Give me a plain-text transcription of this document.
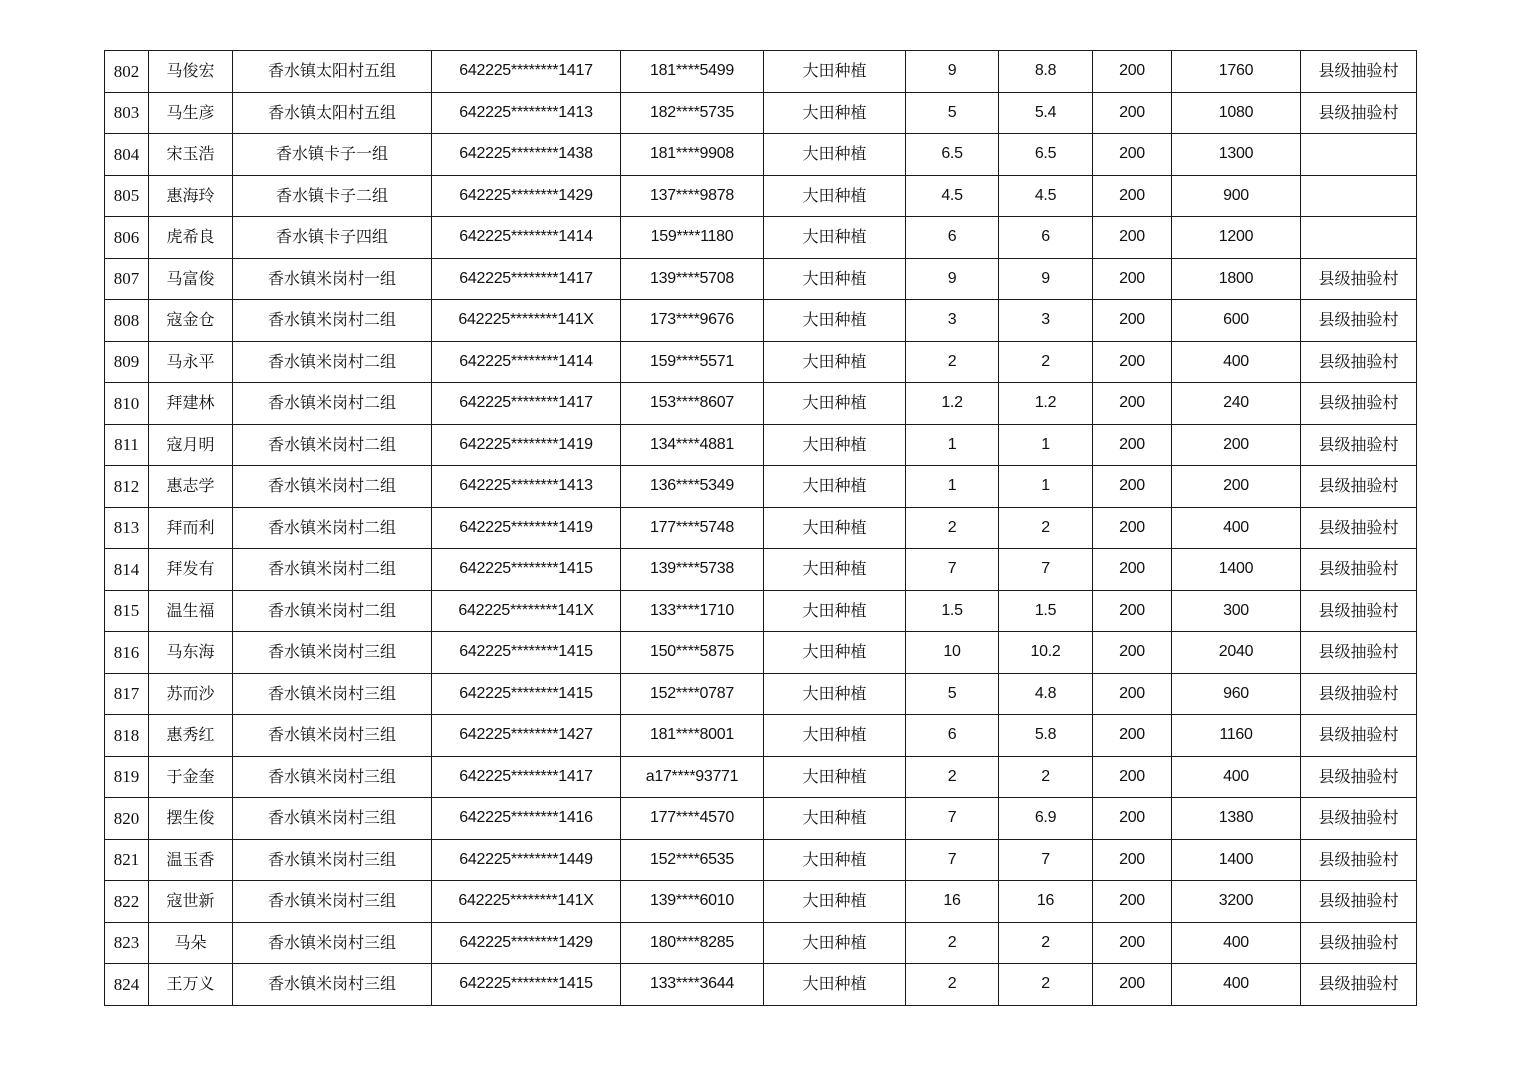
802	马俊宏	香水镇太阳村五组	642225********1417	181****5499	大田种植	9	8.8	200	1760	县级抽验村
803	马生彦	香水镇太阳村五组	642225********1413	182****5735	大田种植	5	5.4	200	1080	县级抽验村
804	宋玉浩	香水镇卡子一组	642225********1438	181****9908	大田种植	6.5	6.5	200	1300	
805	惠海玲	香水镇卡子二组	642225********1429	137****9878	大田种植	4.5	4.5	200	900	
806	虎希良	香水镇卡子四组	642225********1414	159****1180	大田种植	6	6	200	1200	
807	马富俊	香水镇米岗村一组	642225********1417	139****5708	大田种植	9	9	200	1800	县级抽验村
808	寇金仓	香水镇米岗村二组	642225********141X	173****9676	大田种植	3	3	200	600	县级抽验村
809	马永平	香水镇米岗村二组	642225********1414	159****5571	大田种植	2	2	200	400	县级抽验村
810	拜建林	香水镇米岗村二组	642225********1417	153****8607	大田种植	1.2	1.2	200	240	县级抽验村
811	寇月明	香水镇米岗村二组	642225********1419	134****4881	大田种植	1	1	200	200	县级抽验村
812	惠志学	香水镇米岗村二组	642225********1413	136****5349	大田种植	1	1	200	200	县级抽验村
813	拜而利	香水镇米岗村二组	642225********1419	177****5748	大田种植	2	2	200	400	县级抽验村
814	拜发有	香水镇米岗村二组	642225********1415	139****5738	大田种植	7	7	200	1400	县级抽验村
815	温生福	香水镇米岗村二组	642225********141X	133****1710	大田种植	1.5	1.5	200	300	县级抽验村
816	马东海	香水镇米岗村三组	642225********1415	150****5875	大田种植	10	10.2	200	2040	县级抽验村
817	苏而沙	香水镇米岗村三组	642225********1415	152****0787	大田种植	5	4.8	200	960	县级抽验村
818	惠秀红	香水镇米岗村三组	642225********1427	181****8001	大田种植	6	5.8	200	1160	县级抽验村
819	于金奎	香水镇米岗村三组	642225********1417	a17****93771	大田种植	2	2	200	400	县级抽验村
820	摆生俊	香水镇米岗村三组	642225********1416	177****4570	大田种植	7	6.9	200	1380	县级抽验村
821	温玉香	香水镇米岗村三组	642225********1449	152****6535	大田种植	7	7	200	1400	县级抽验村
822	寇世新	香水镇米岗村三组	642225********141X	139****6010	大田种植	16	16	200	3200	县级抽验村
823	马朵	香水镇米岗村三组	642225********1429	180****8285	大田种植	2	2	200	400	县级抽验村
824	王万义	香水镇米岗村三组	642225********1415	133****3644	大田种植	2	2	200	400	县级抽验村
